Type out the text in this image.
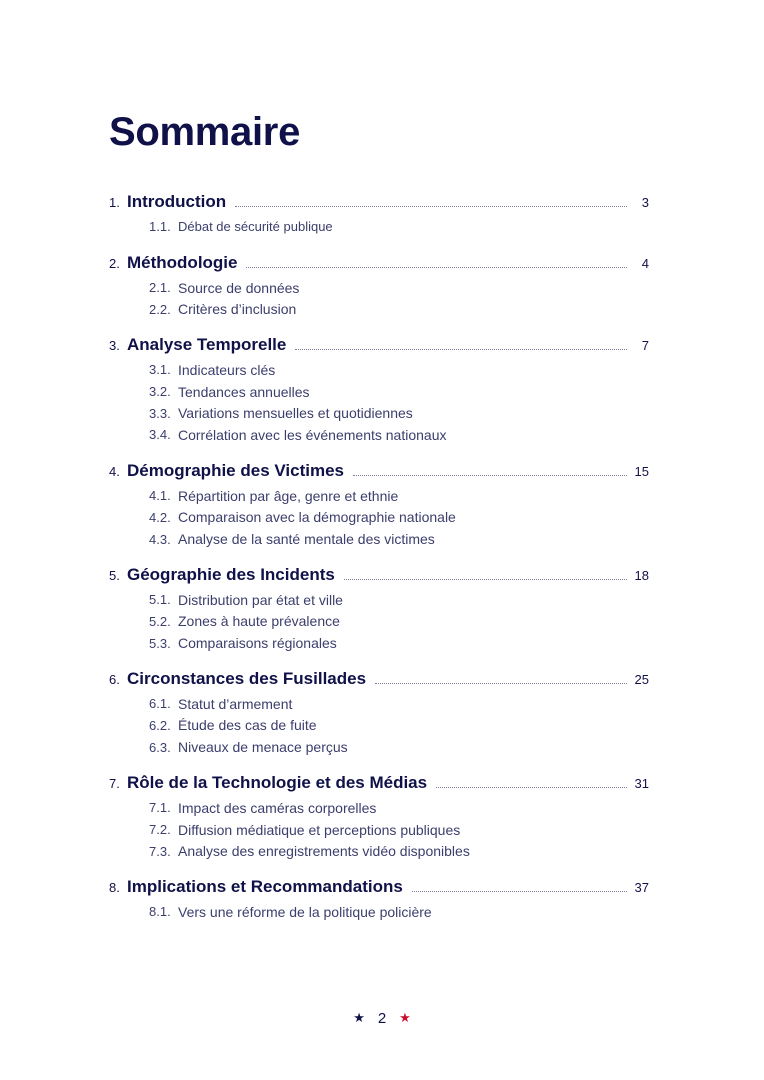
Sommaire
1. Introduction	3
1.1. Débat de sécurité publique
2. Méthodologie	4
2.1. Source de données
2.2. Critères d’inclusion
3. Analyse Temporelle	7
3.1. Indicateurs clés
3.2. Tendances annuelles
3.3. Variations mensuelles et quotidiennes
3.4. Corrélation avec les événements nationaux
4. Démographie des Victimes	15
4.1. Répartition par âge, genre et ethnie
4.2. Comparaison avec la démographie nationale
4.3. Analyse de la santé mentale des victimes
5. Géographie des Incidents	18
5.1. Distribution par état et ville
5.2. Zones à haute prévalence
5.3. Comparaisons régionales
6. Circonstances des Fusillades	25
6.1. Statut d’armement
6.2. Étude des cas de fuite
6.3. Niveaux de menace perçus
7. Rôle de la Technologie et des Médias	31
7.1. Impact des caméras corporelles
7.2. Diffusion médiatique et perceptions publiques
7.3. Analyse des enregistrements vidéo disponibles
8. Implications et Recommandations	37
8.1. Vers une réforme de la politique policière
★ 2 ★
